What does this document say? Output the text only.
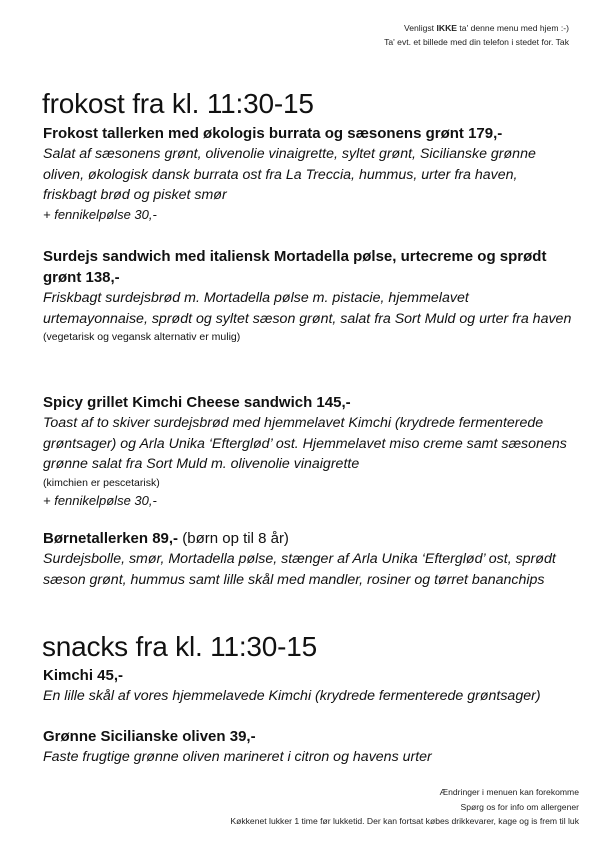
Venligst IKKE ta' denne menu med hjem :-)
Ta' evt. et billede med din telefon i stedet for. Tak
frokost fra kl. 11:30-15
Frokost tallerken med økologis burrata og sæsonens grønt 179,-
Salat af sæsonens grønt, olivenolie vinaigrette, syltet grønt, Sicilianske grønne oliven, økologisk dansk burrata ost fra La Treccia, hummus, urter fra haven, friskbagt brød og pisket smør
+ fennikelpølse 30,-
Surdejs sandwich med italiensk Mortadella pølse, urtecreme og sprødt grønt 138,-
Friskbagt surdejsbrød m. Mortadella pølse m. pistacie, hjemmelavet urtemayonnaise, sprødt og syltet sæson grønt, salat fra Sort Muld og urter fra haven
(vegetarisk og vegansk alternativ er mulig)
Spicy grillet Kimchi Cheese sandwich 145,-
Toast af to skiver surdejsbrød med hjemmelavet Kimchi (krydrede fermenterede grøntsager) og Arla Unika ‘Efterglød’ ost. Hjemmelavet miso creme samt sæsonens grønne salat fra Sort Muld m. olivenolie vinaigrette
(kimchien er pescetarisk)
+ fennikelpølse 30,-
Børnetallerken 89,- (børn op til 8 år)
Surdejsbolle, smør, Mortadella pølse, stænger af Arla Unika ‘Efterglød’ ost, sprødt sæson grønt, hummus samt lille skål med mandler, rosiner og tørret bananchips
snacks fra kl. 11:30-15
Kimchi 45,-
En lille skål af vores hjemmelavede Kimchi (krydrede fermenterede grøntsager)
Grønne Sicilianske oliven 39,-
Faste frugtige grønne oliven marineret i citron og havens urter
Ændringer i menuen kan forekomme
Spørg os for info om allergener
Køkkenet lukker 1 time før lukketid. Der kan fortsat købes drikkevarer, kage og is frem til luk
